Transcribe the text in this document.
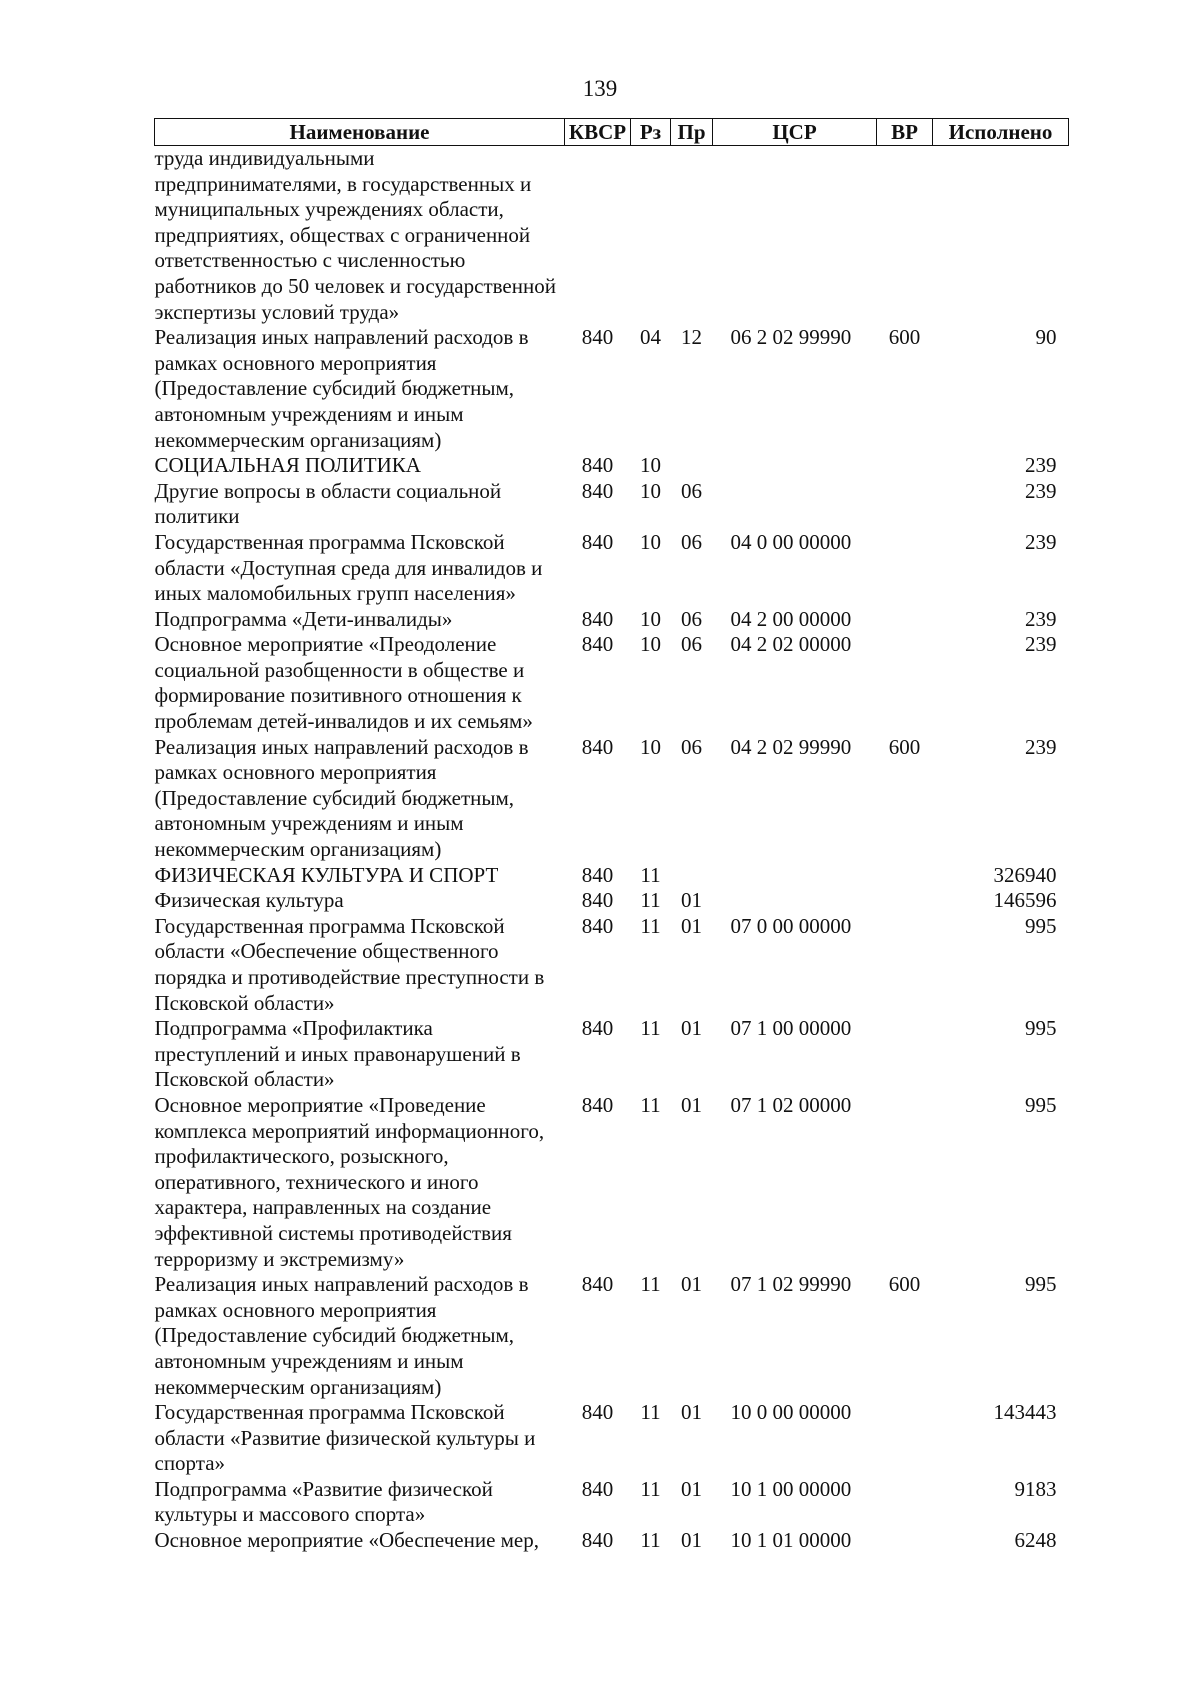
139
Наименование	КВСР	Рз	Пр	ЦСР	ВР	Исполнено
труда индивидуальными предпринимателями, в государственных и муниципальных учреждениях области, предприятиях, обществах с ограниченной ответственностью с численностью работников до 50 человек и государственной экспертизы условий труда»						
Реализация иных направлений расходов в рамках основного мероприятия (Предоставление субсидий бюджетным, автономным учреждениям и иным некоммерческим организациям)	840	04	12	06 2 02 99990	600	90
СОЦИАЛЬНАЯ ПОЛИТИКА	840	10				239
Другие вопросы в области социальной политики	840	10	06			239
Государственная программа Псковской области «Доступная среда для инвалидов и иных маломобильных групп населения»	840	10	06	04 0 00 00000		239
Подпрограмма «Дети-инвалиды»	840	10	06	04 2 00 00000		239
Основное мероприятие «Преодоление социальной разобщенности в обществе и формирование позитивного отношения к проблемам детей-инвалидов и их семьям»	840	10	06	04 2 02 00000		239
Реализация иных направлений расходов в рамках основного мероприятия (Предоставление субсидий бюджетным, автономным учреждениям и иным некоммерческим организациям)	840	10	06	04 2 02 99990	600	239
ФИЗИЧЕСКАЯ КУЛЬТУРА И СПОРТ	840	11				326940
Физическая культура	840	11	01			146596
Государственная программа Псковской области «Обеспечение общественного порядка и противодействие преступности в Псковской области»	840	11	01	07 0 00 00000		995
Подпрограмма «Профилактика преступлений и иных правонарушений в Псковской области»	840	11	01	07 1 00 00000		995
Основное мероприятие «Проведение комплекса мероприятий информационного, профилактического, розыскного, оперативного, технического и иного характера, направленных на создание эффективной системы противодействия терроризму и экстремизму»	840	11	01	07 1 02 00000		995
Реализация иных направлений расходов в рамках основного мероприятия (Предоставление субсидий бюджетным, автономным учреждениям и иным некоммерческим организациям)	840	11	01	07 1 02 99990	600	995
Государственная программа Псковской области «Развитие физической культуры и спорта»	840	11	01	10 0 00 00000		143443
Подпрограмма «Развитие физической культуры и массового спорта»	840	11	01	10 1 00 00000		9183
Основное мероприятие «Обеспечение мер,	840	11	01	10 1 01 00000		6248
